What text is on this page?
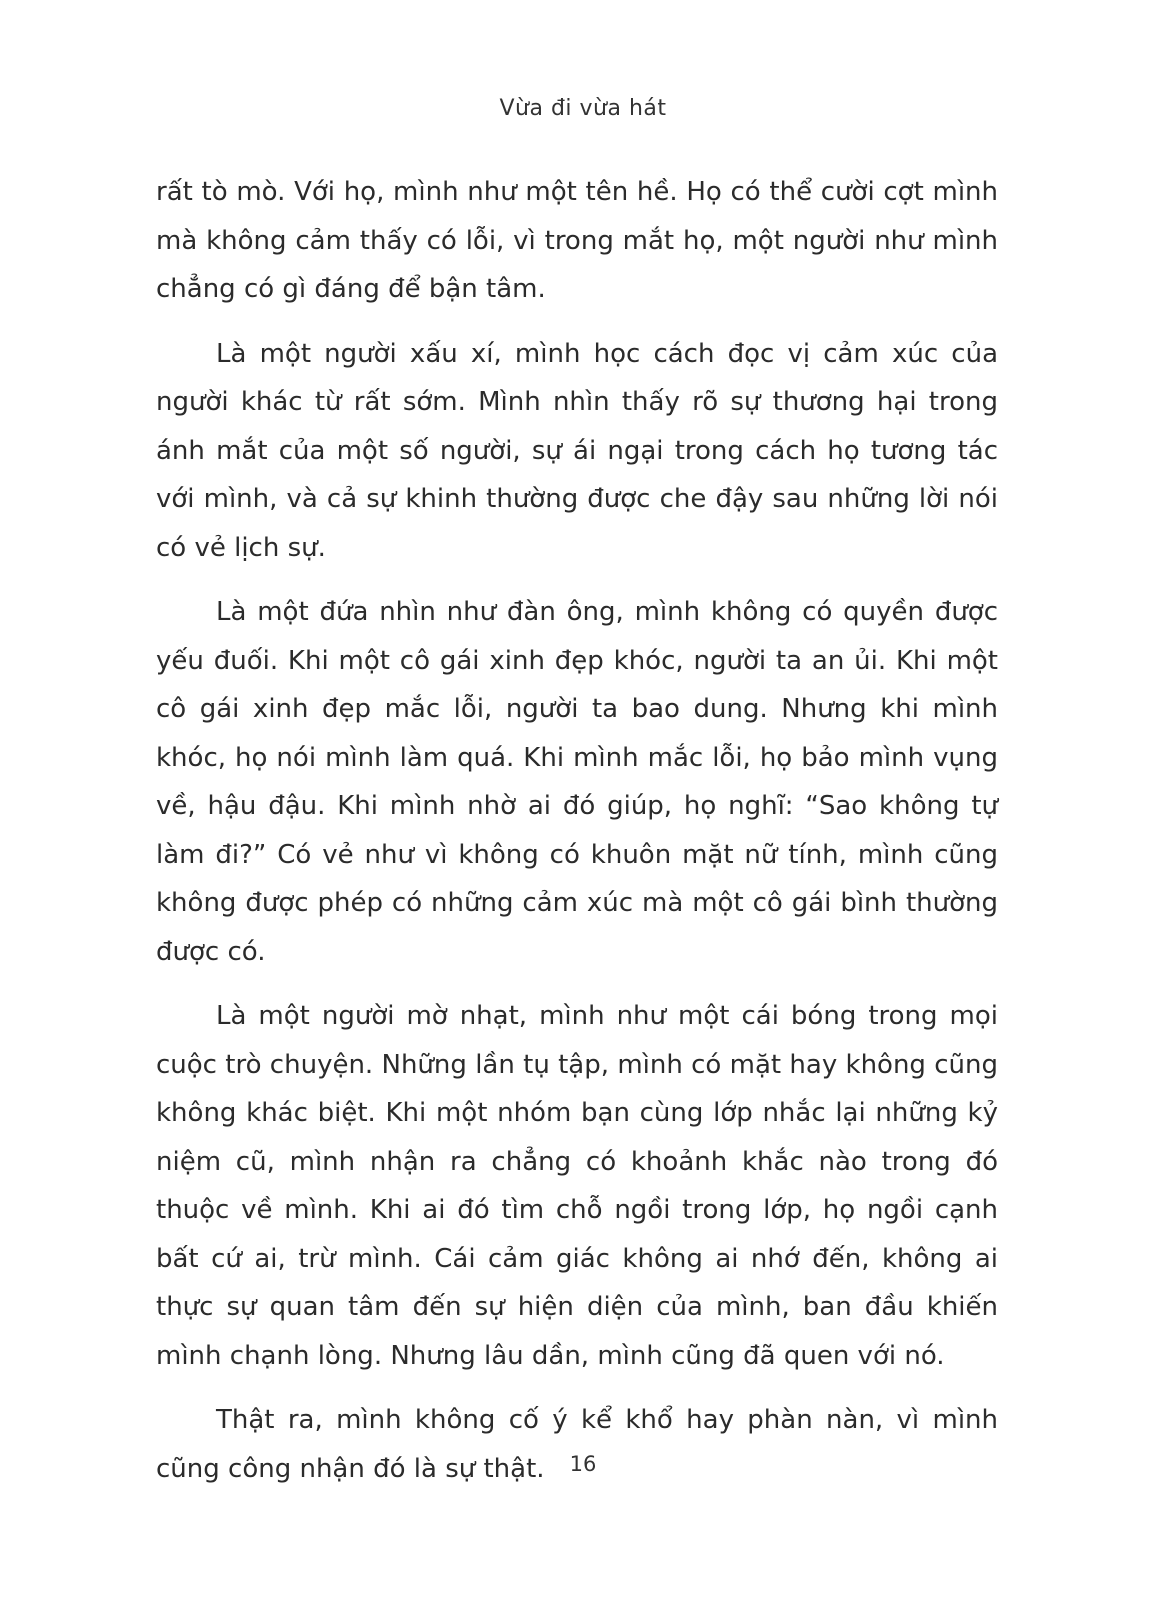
Vừa đi vừa hát

rất tò mò. Với họ, mình như một tên hề. Họ có thể cười cợt mình mà không cảm thấy có lỗi, vì trong mắt họ, một người như mình chẳng có gì đáng để bận tâm.

Là một người xấu xí, mình học cách đọc vị cảm xúc của người khác từ rất sớm. Mình nhìn thấy rõ sự thương hại trong ánh mắt của một số người, sự ái ngại trong cách họ tương tác với mình, và cả sự khinh thường được che đậy sau những lời nói có vẻ lịch sự.

Là một đứa nhìn như đàn ông, mình không có quyền được yếu đuối. Khi một cô gái xinh đẹp khóc, người ta an ủi. Khi một cô gái xinh đẹp mắc lỗi, người ta bao dung. Nhưng khi mình khóc, họ nói mình làm quá. Khi mình mắc lỗi, họ bảo mình vụng về, hậu đậu. Khi mình nhờ ai đó giúp, họ nghĩ: “Sao không tự làm đi?” Có vẻ như vì không có khuôn mặt nữ tính, mình cũng không được phép có những cảm xúc mà một cô gái bình thường được có.

Là một người mờ nhạt, mình như một cái bóng trong mọi cuộc trò chuyện. Những lần tụ tập, mình có mặt hay không cũng không khác biệt. Khi một nhóm bạn cùng lớp nhắc lại những kỷ niệm cũ, mình nhận ra chẳng có khoảnh khắc nào trong đó thuộc về mình. Khi ai đó tìm chỗ ngồi trong lớp, họ ngồi cạnh bất cứ ai, trừ mình. Cái cảm giác không ai nhớ đến, không ai thực sự quan tâm đến sự hiện diện của mình, ban đầu khiến mình chạnh lòng. Nhưng lâu dần, mình cũng đã quen với nó.

Thật ra, mình không cố ý kể khổ hay phàn nàn, vì mình cũng công nhận đó là sự thật.	16
